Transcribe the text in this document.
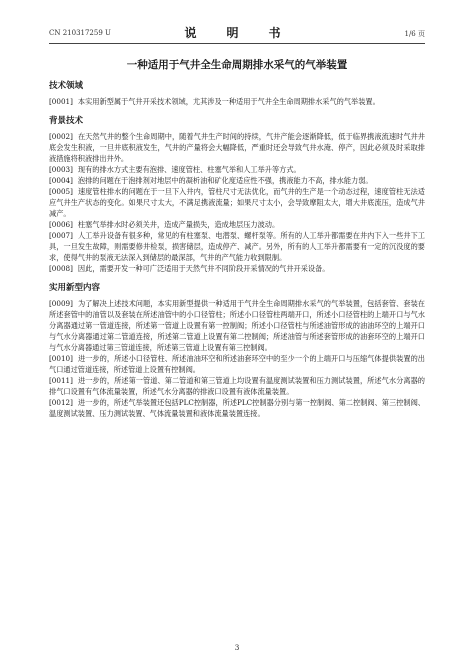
CN 210317259 U	说　明　书	1/6 页
一种适用于气井全生命周期排水采气的气举装置
技术领域

[0001] 本实用新型属于气井开采技术领域，尤其涉及一种适用于气井全生命周期排水采气的气举装置。

背景技术

[0002] 在天然气井的整个生命周期中，随着气井生产时间的持续，气井产能会逐渐降低，低于临界携液流速时气井井底会发生积液，一旦井底积液发生，气井的产量将会大幅降低，严重时还会导致气井水淹、停产，因此必须及时采取排液措施将积液排出井外。

[0003] 现有的排水方式主要有泡排、速度管柱、柱塞气举和人工举升等方式。

[0004] 泡排的问题在于泡排剂对地层中的凝析油和矿化度适应性不强，携液能力不高，排水能力弱。

[0005] 速度管柱排水的问题在于一旦下入井内，管柱尺寸无法优化，而气井的生产是一个动态过程，速度管柱无法适应气井生产状态的变化。如果尺寸太大，不满足携液流量；如果尺寸太小，会导致摩阻太大，增大井底流压，造成气井减产。

[0006] 柱塞气举排水时必须关井，造成产量损失，造成地层压力波动。

[0007] 人工举升设备有很多种，常见的有柱塞泵、电潜泵、螺杆泵等。所有的人工举升都需要在井内下入一些井下工具，一旦发生故障，则需要修井检泵，损害储层，造成停产、减产。另外，所有的人工举升都需要有一定的沉没度的要求，使得气井的泵液无法深入到储层的最深部，气井的产气能力收到限制。

[0008] 因此，需要开发一种可广泛适用于天然气井不同阶段开采情况的气井开采设备。

实用新型内容

[0009] 为了解决上述技术问题，本实用新型提供一种适用于气井全生命周期排水采气的气举装置，包括套管、套装在所述套管中的油管以及套装在所述油管中的小口径管柱；所述小口径管柱两端开口，所述小口径管柱的上端开口与气水分离器通过第一管道连接，所述第一管道上设置有第一控制阀；所述小口径管柱与所述油管形成的油油环空的上端开口与气水分离器通过第二管道连接，所述第二管道上设置有第二控制阀；所述油管与所述套管形成的油套环空的上端开口与气水分离器通过第三管道连接，所述第三管道上设置有第三控制阀。

[0010] 进一步的，所述小口径管柱、所述油油环空和所述油套环空中的至少一个的上端开口与压缩气体提供装置的出气口通过管道连接，所述管道上设置有控制阀。

[0011] 进一步的，所述第一管道、第二管道和第三管道上均设置有温度测试装置和压力测试装置，所述气水分离器的排气口设置有气体流量装置，所述气水分离器的排液口设置有液体流量装置。

[0012] 进一步的，所述气举装置还包括PLC控制器，所述PLC控制器分别与第一控制阀、第二控制阀、第三控制阀、温度测试装置、压力测试装置、气体流量装置和液体流量装置连接。

3
